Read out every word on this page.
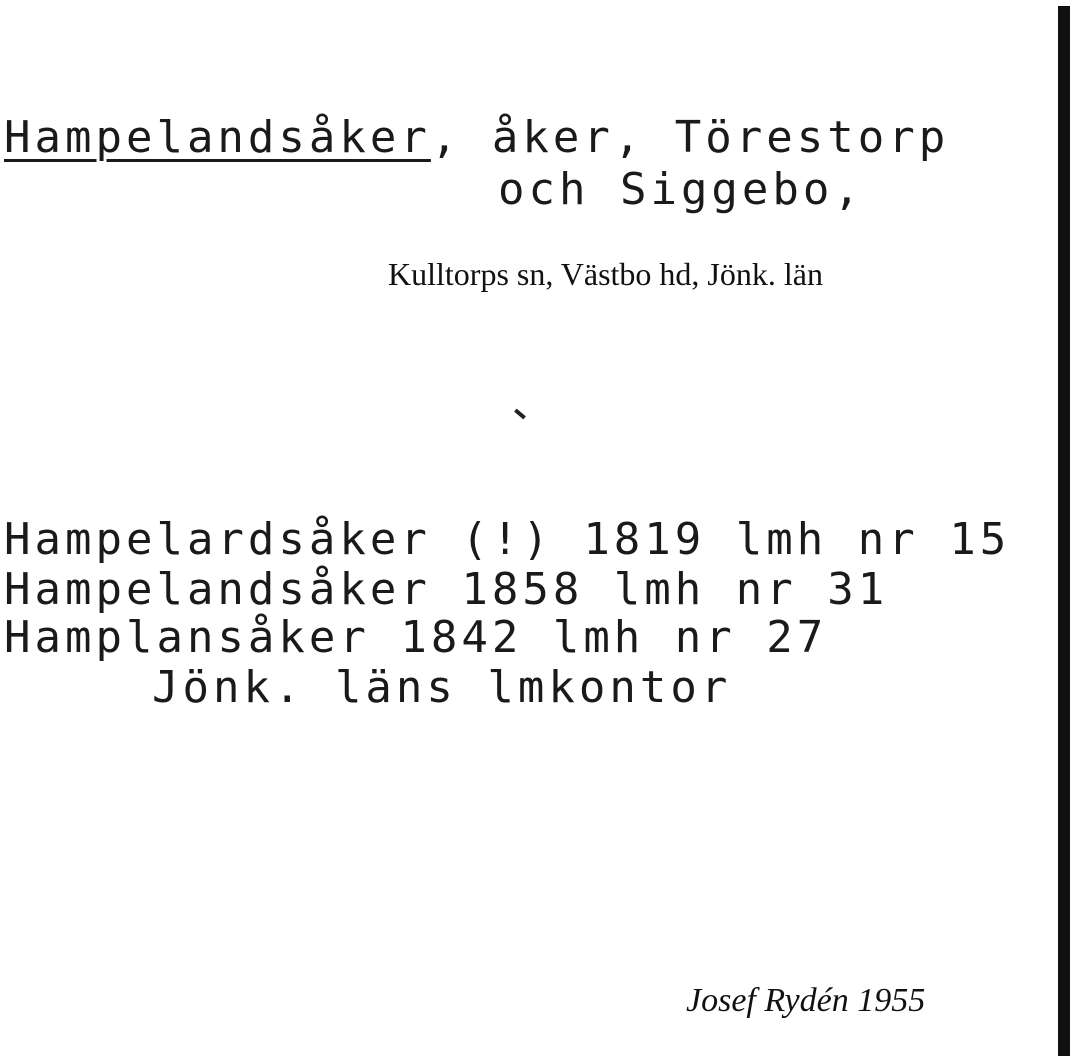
Hampelandsåker, åker, Törestorp
och Siggebo,
Kulltorps sn, Västbo hd, Jönk. län
Hampelardsåker (!) 1819 lmh nr 15
Hampelandsåker 1858 lmh nr 31
Hamplansåker 1842 lmh nr 27
Jönk. läns lmkontor
Josef Rydén 1955
